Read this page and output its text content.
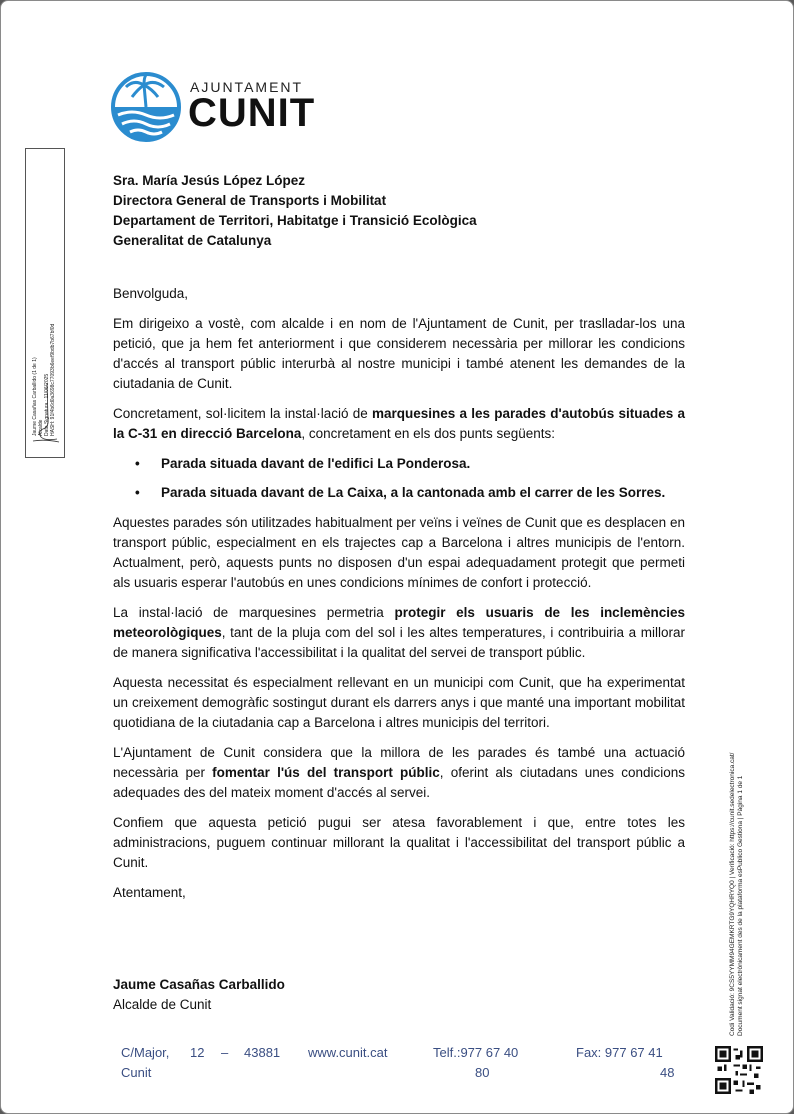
AJUNTAMENT
CUNIT
Jaume Casañas Carballido (1 de 1) Alcalde Data Signatura : 11/06/2025 HASH: 91f4b6d0a3698c77093b6eef9bdb7b67bf0d
Sra. María Jesús López López
Directora General de Transports i Mobilitat
Departament de Territori, Habitatge i Transició Ecològica
Generalitat de Catalunya

Benvolguda,

Em dirigeixo a vostè, com alcalde i en nom de l'Ajuntament de Cunit, per traslladar-los una petició, que ja hem fet anteriorment i que considerem necessària per millorar les condicions d'accés al transport públic interurbà al nostre municipi i també atenent les demandes de la ciutadania de Cunit.

Concretament, sol·licitem la instal·lació de marquesines a les parades d'autobús situades a la C-31 en direcció Barcelona, concretament en els dos punts següents:

• Parada situada davant de l'edifici La Ponderosa.
• Parada situada davant de La Caixa, a la cantonada amb el carrer de les Sorres.

Aquestes parades són utilitzades habitualment per veïns i veïnes de Cunit que es desplacen en transport públic, especialment en els trajectes cap a Barcelona i altres municipis de l'entorn. Actualment, però, aquests punts no disposen d'un espai adequadament protegit que permeti als usuaris esperar l'autobús en unes condicions mínimes de confort i protecció.

La instal·lació de marquesines permetria protegir els usuaris de les inclemències meteorològiques, tant de la pluja com del sol i les altes temperatures, i contribuiria a millorar de manera significativa l'accessibilitat i la qualitat del servei de transport públic.

Aquesta necessitat és especialment rellevant en un municipi com Cunit, que ha experimentat un creixement demogràfic sostingut durant els darrers anys i que manté una important mobilitat quotidiana de la ciutadania cap a Barcelona i altres municipis del territori.

L'Ajuntament de Cunit considera que la millora de les parades és també una actuació necessària per fomentar l'ús del transport públic, oferint als ciutadans unes condicions adequades des del mateix moment d'accés al servei.

Confiem que aquesta petició pugui ser atesa favorablement i que, entre totes les administracions, puguem continuar millorant la qualitat i l'accessibilitat del transport públic a Cunit.

Atentament,

Jaume Casañas Carballido
Alcalde de Cunit
C/Major, 12 – 43881
Cunit
www.cunit.cat	Telf.:977 67 40
80
Fax: 977 67 41
48
Codi Validació: 9CS5YYMM94GEMKRTG9YQHRYQ0 | Verificació: https://cunit.sedelectronica.cat/ Document signat electrònicament des de la plataforma esPublico Gestiona | Pàgina 1 de 1
